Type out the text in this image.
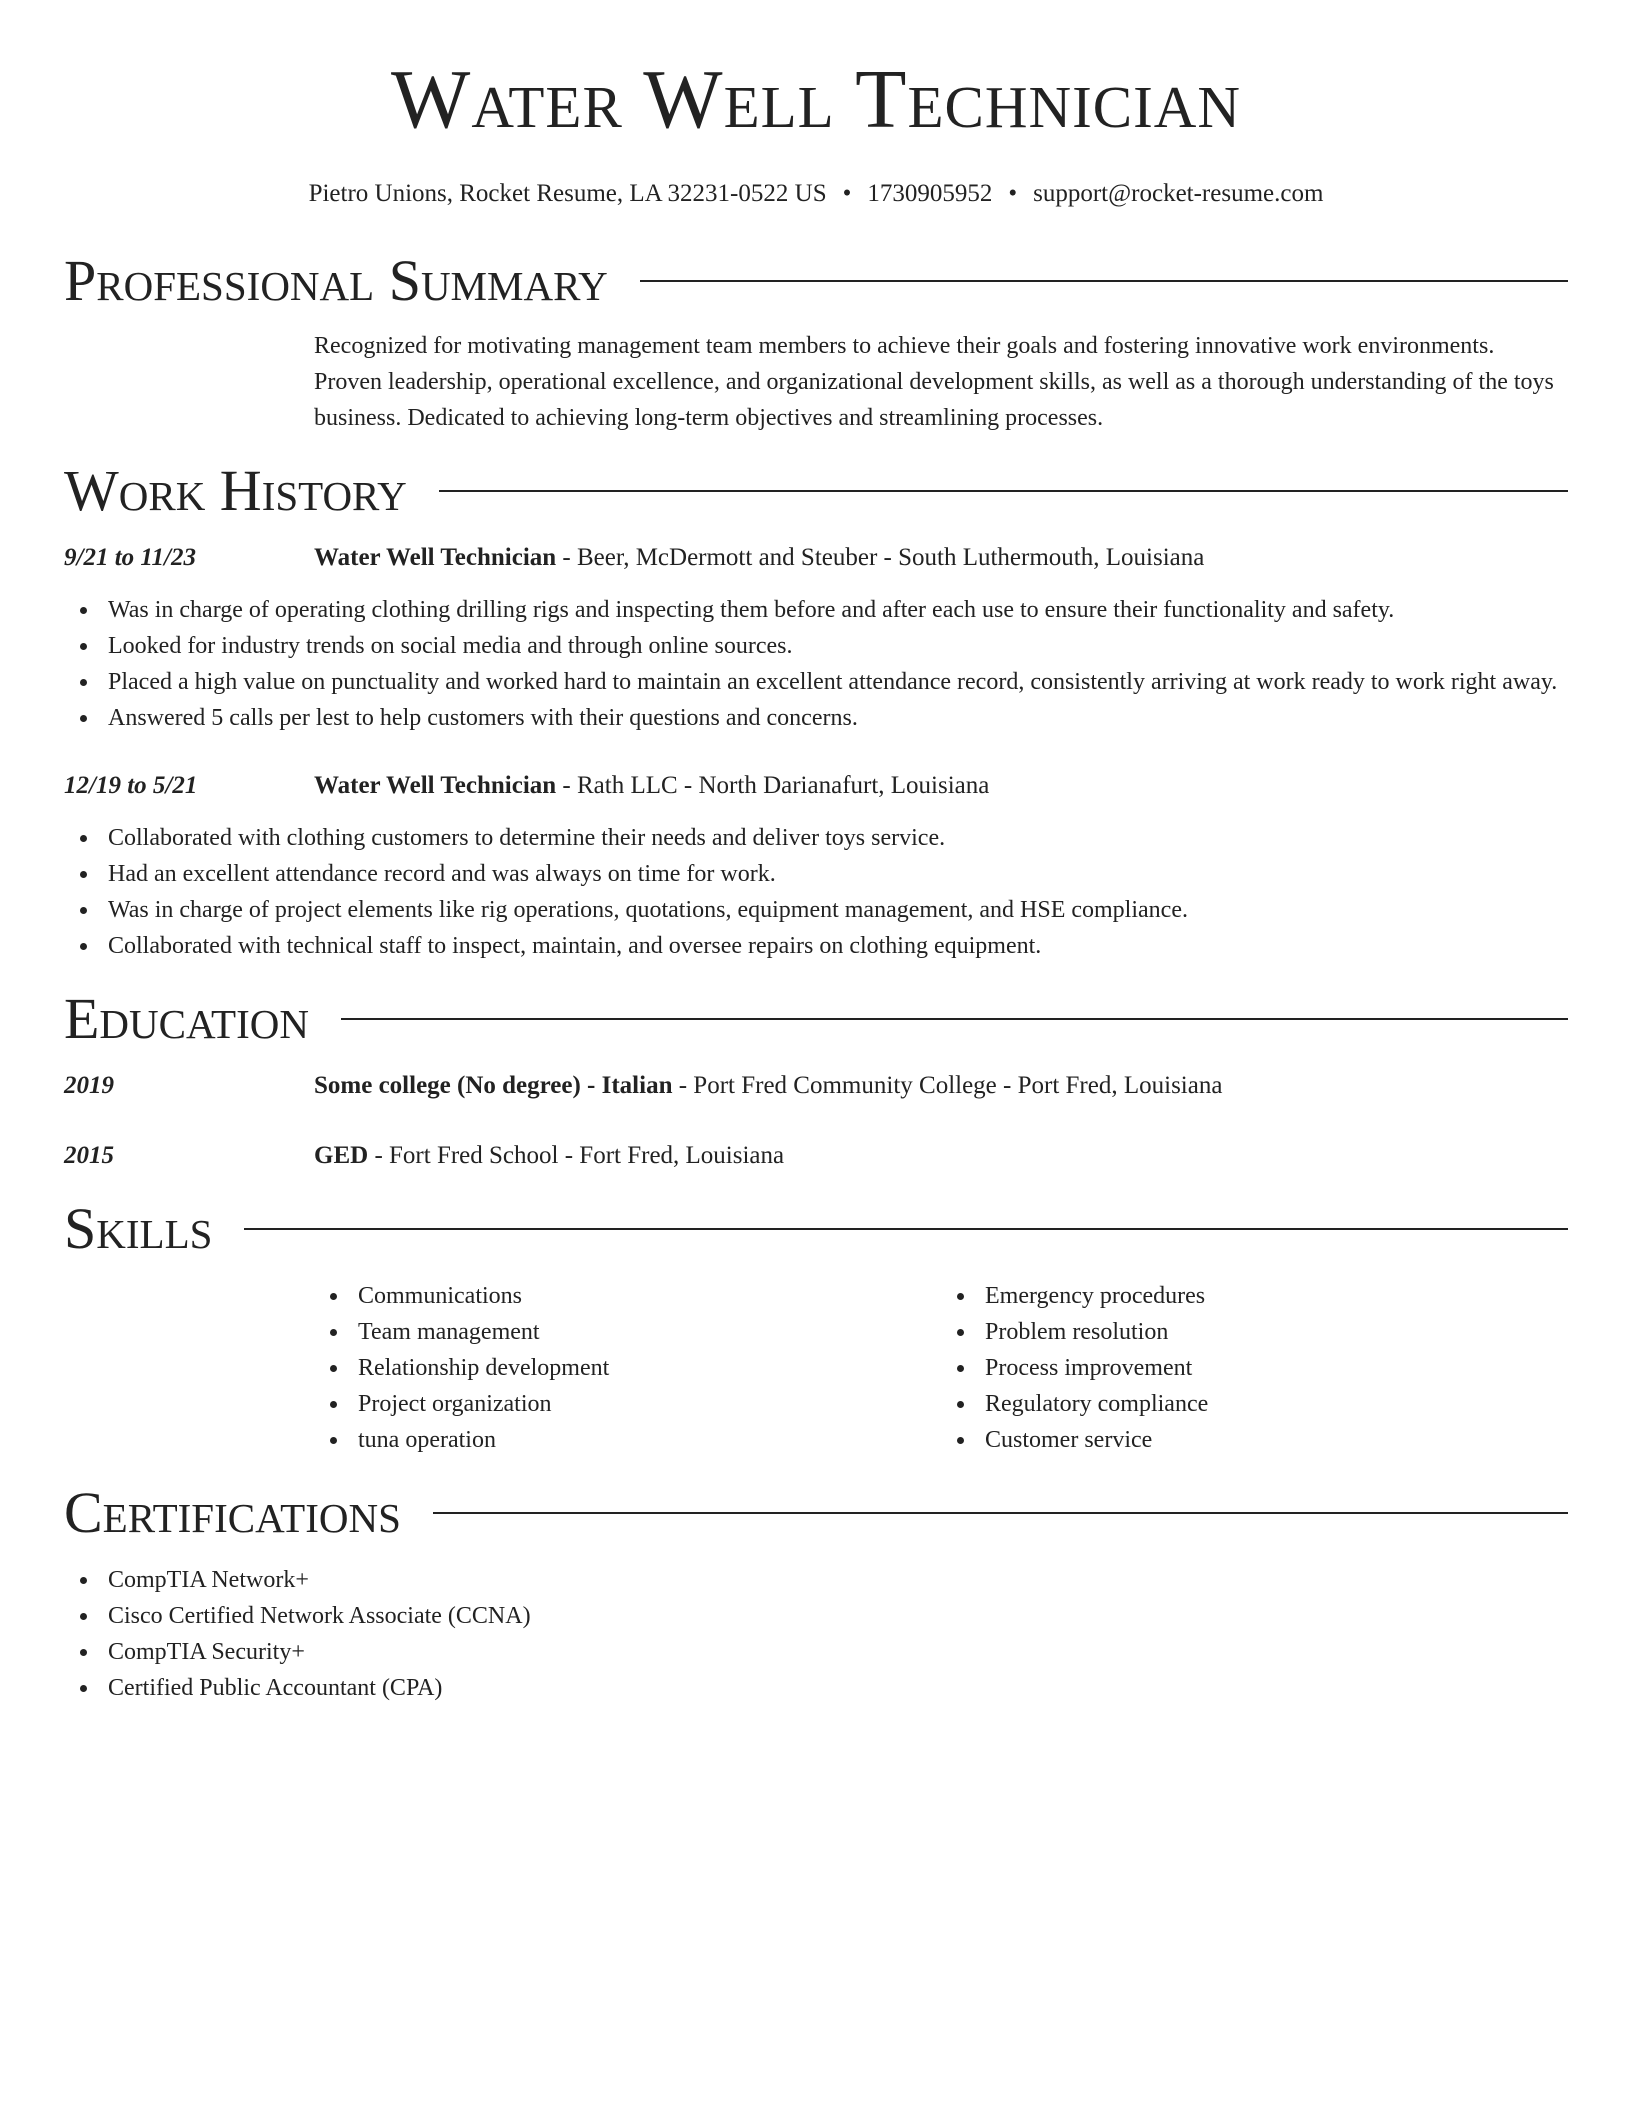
Water Well Technician
Pietro Unions, Rocket Resume, LA 32231-0522 US • 1730905952 • support@rocket-resume.com
Professional Summary
Recognized for motivating management team members to achieve their goals and fostering innovative work environments. Proven leadership, operational excellence, and organizational development skills, as well as a thorough understanding of the toys business. Dedicated to achieving long-term objectives and streamlining processes.
Work History
9/21 to 11/23	Water Well Technician - Beer, McDermott and Steuber - South Luthermouth, Louisiana
Was in charge of operating clothing drilling rigs and inspecting them before and after each use to ensure their functionality and safety.
Looked for industry trends on social media and through online sources.
Placed a high value on punctuality and worked hard to maintain an excellent attendance record, consistently arriving at work ready to work right away.
Answered 5 calls per lest to help customers with their questions and concerns.
12/19 to 5/21	Water Well Technician - Rath LLC - North Darianafurt, Louisiana
Collaborated with clothing customers to determine their needs and deliver toys service.
Had an excellent attendance record and was always on time for work.
Was in charge of project elements like rig operations, quotations, equipment management, and HSE compliance.
Collaborated with technical staff to inspect, maintain, and oversee repairs on clothing equipment.
Education
2019	Some college (No degree) - Italian - Port Fred Community College - Port Fred, Louisiana
2015	GED - Fort Fred School - Fort Fred, Louisiana
Skills
Communications
Team management
Relationship development
Project organization
tuna operation
Emergency procedures
Problem resolution
Process improvement
Regulatory compliance
Customer service
Certifications
CompTIA Network+
Cisco Certified Network Associate (CCNA)
CompTIA Security+
Certified Public Accountant (CPA)
